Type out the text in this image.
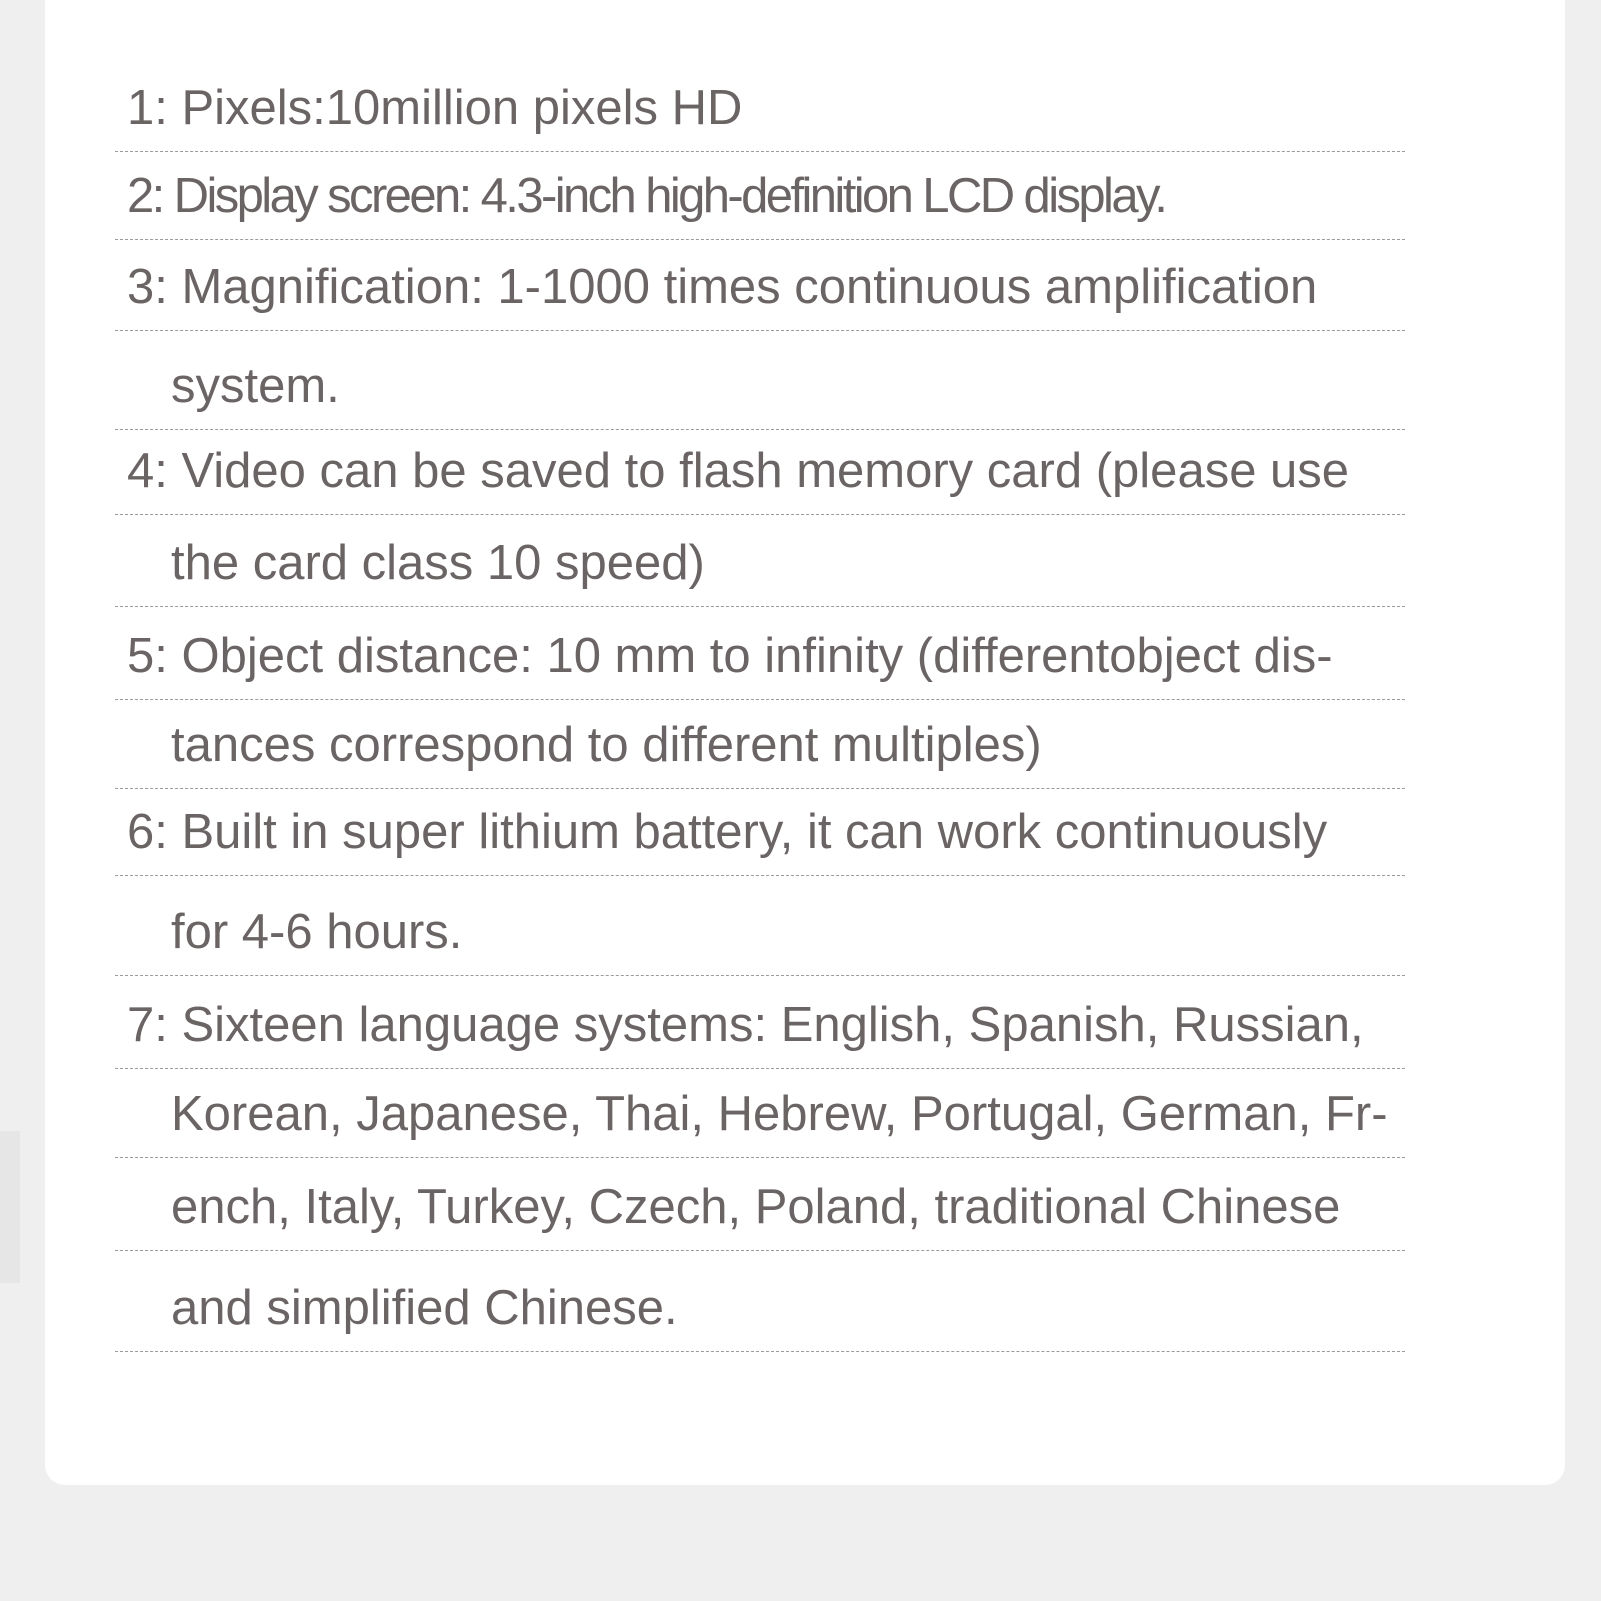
1: Pixels:10million pixels HD
2: Display screen: 4.3-inch high-definition LCD display.
3: Magnification: 1-1000 times continuous amplification
system.
4: Video can be saved to flash memory card (please use
the card class 10 speed)
5: Object distance: 10 mm to infinity (differentobject dis-
tances correspond to different multiples)
6: Built in super lithium battery, it can work continuously
for 4-6 hours.
7: Sixteen language systems: English, Spanish, Russian,
Korean, Japanese, Thai, Hebrew, Portugal, German, Fr-
ench, Italy, Turkey, Czech, Poland, traditional Chinese
and simplified Chinese.
